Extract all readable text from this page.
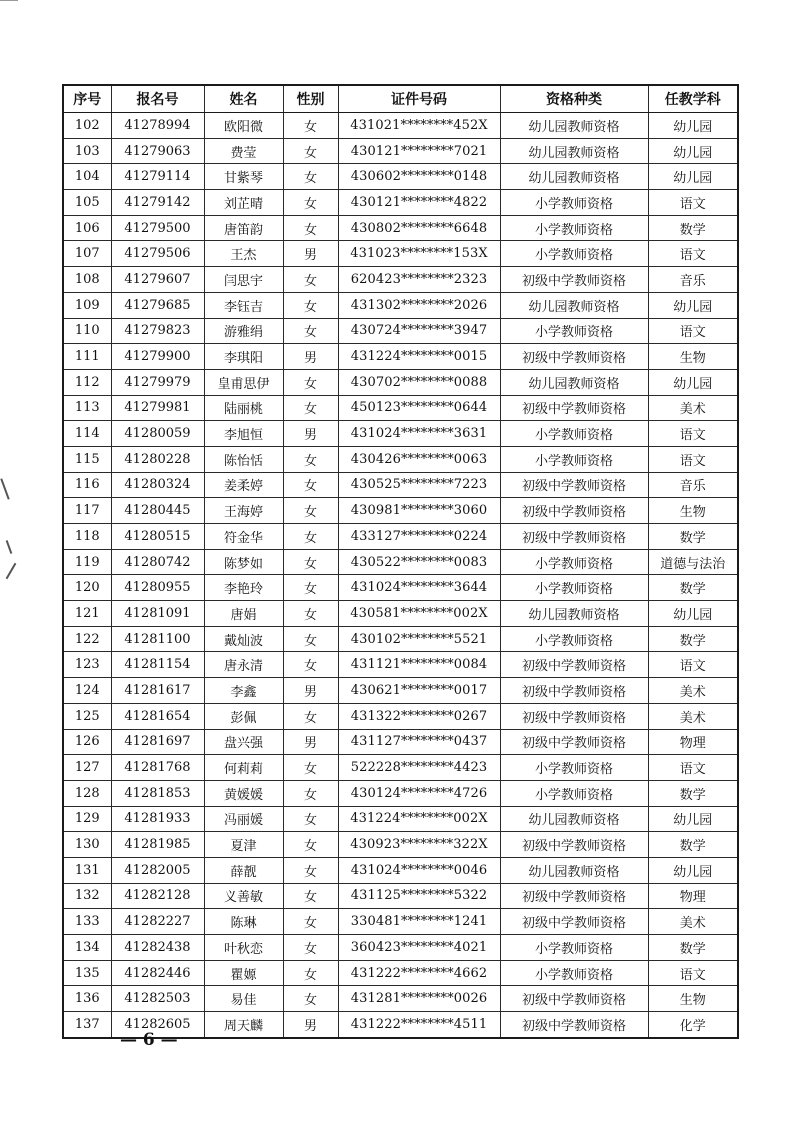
序号	报名号	姓名	性别	证件号码	资格种类	任教学科
102	41278994	欧阳微	女	431021********452X	幼儿园教师资格	幼儿园
103	41279063	费莹	女	430121********7021	幼儿园教师资格	幼儿园
104	41279114	甘紫琴	女	430602********0148	幼儿园教师资格	幼儿园
105	41279142	刘芷晴	女	430121********4822	小学教师资格	语文
106	41279500	唐笛韵	女	430802********6648	小学教师资格	数学
107	41279506	王杰	男	431023********153X	小学教师资格	语文
108	41279607	闫思宇	女	620423********2323	初级中学教师资格	音乐
109	41279685	李钰吉	女	431302********2026	幼儿园教师资格	幼儿园
110	41279823	游雅绢	女	430724********3947	小学教师资格	语文
111	41279900	李琪阳	男	431224********0015	初级中学教师资格	生物
112	41279979	皇甫思伊	女	430702********0088	幼儿园教师资格	幼儿园
113	41279981	陆丽桃	女	450123********0644	初级中学教师资格	美术
114	41280059	李旭恒	男	431024********3631	小学教师资格	语文
115	41280228	陈怡恬	女	430426********0063	小学教师资格	语文
116	41280324	姜柔婷	女	430525********7223	初级中学教师资格	音乐
117	41280445	王海婷	女	430981********3060	初级中学教师资格	生物
118	41280515	符金华	女	433127********0224	初级中学教师资格	数学
119	41280742	陈梦如	女	430522********0083	小学教师资格	道德与法治
120	41280955	李艳玲	女	431024********3644	小学教师资格	数学
121	41281091	唐娟	女	430581********002X	幼儿园教师资格	幼儿园
122	41281100	戴灿波	女	430102********5521	小学教师资格	数学
123	41281154	唐永清	女	431121********0084	初级中学教师资格	语文
124	41281617	李鑫	男	430621********0017	初级中学教师资格	美术
125	41281654	彭佩	女	431322********0267	初级中学教师资格	美术
126	41281697	盘兴强	男	431127********0437	初级中学教师资格	物理
127	41281768	何莉莉	女	522228********4423	小学教师资格	语文
128	41281853	黄媛媛	女	430124********4726	小学教师资格	数学
129	41281933	冯丽媛	女	431224********002X	幼儿园教师资格	幼儿园
130	41281985	夏津	女	430923********322X	初级中学教师资格	数学
131	41282005	薛靓	女	431024********0046	幼儿园教师资格	幼儿园
132	41282128	义善敏	女	431125********5322	初级中学教师资格	物理
133	41282227	陈琳	女	330481********1241	初级中学教师资格	美术
134	41282438	叶秋恋	女	360423********4021	小学教师资格	数学
135	41282446	瞿嫄	女	431222********4662	小学教师资格	语文
136	41282503	易佳	女	431281********0026	初级中学教师资格	生物
137	41282605	周天麟	男	431222********4511	初级中学教师资格	化学
— 6 —
